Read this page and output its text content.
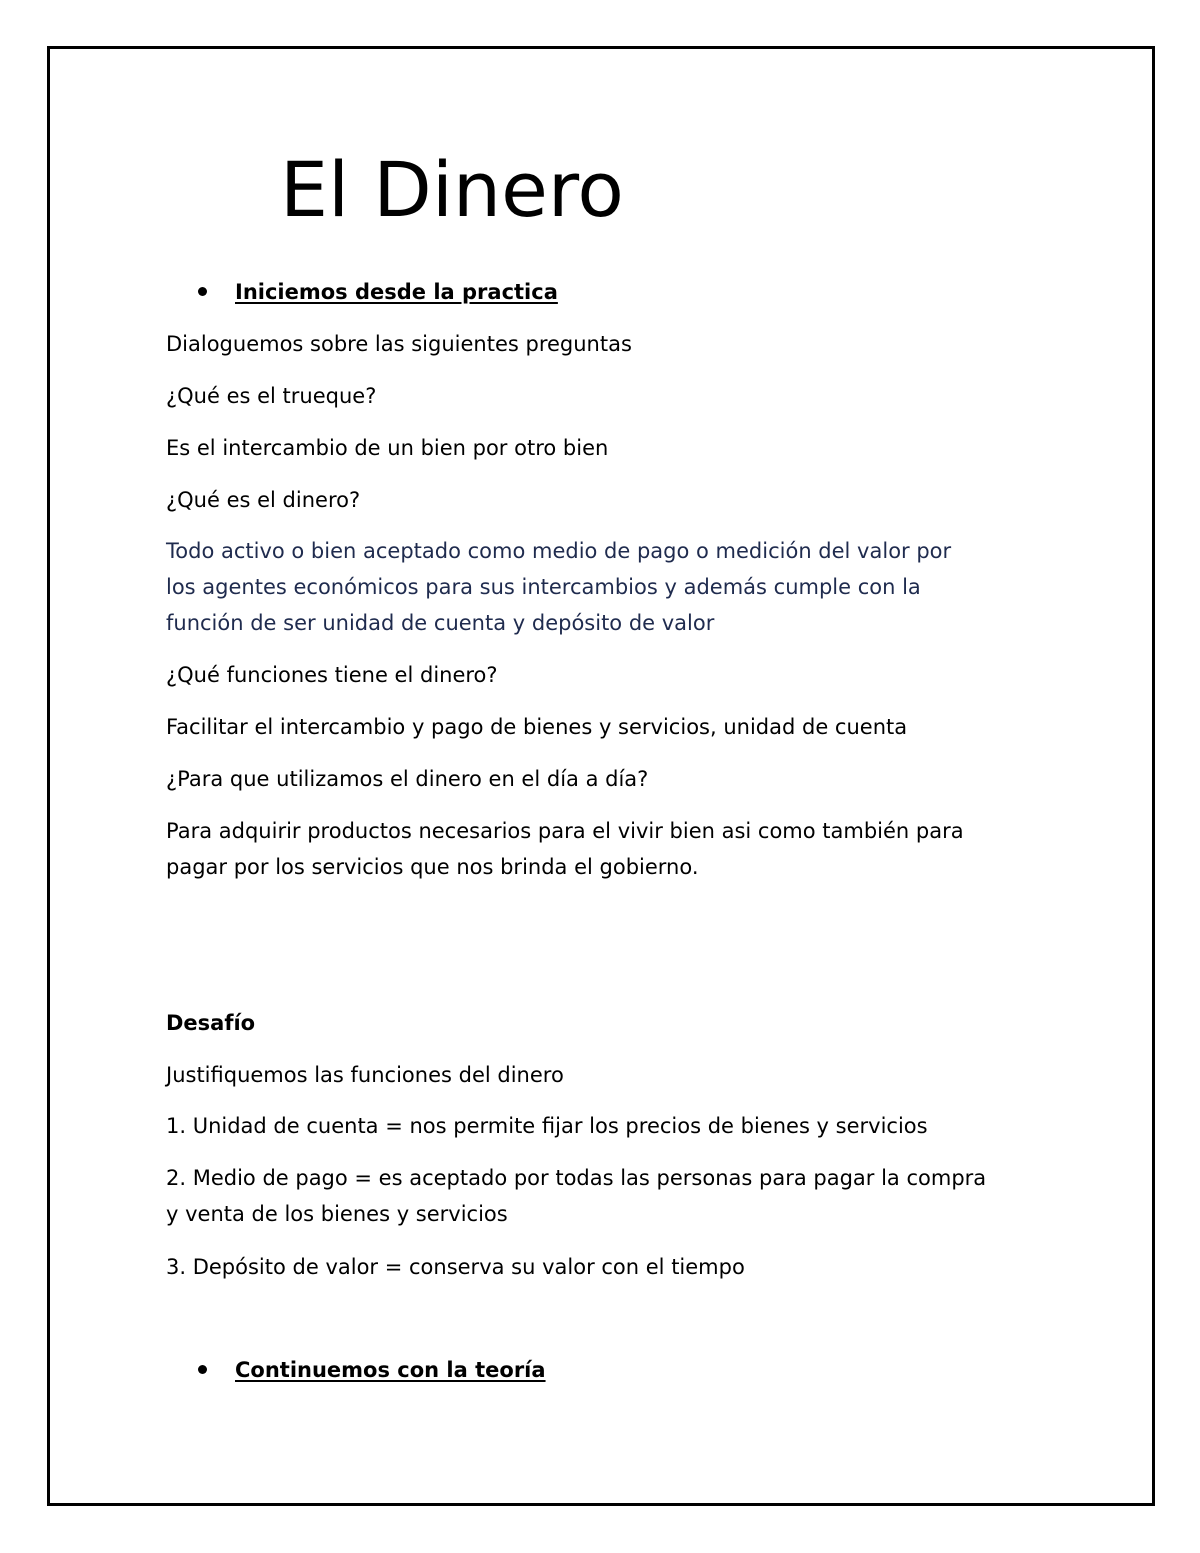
El Dinero
Iniciemos desde la practica

Dialoguemos sobre las siguientes preguntas

¿Qué es el trueque?

Es el intercambio de un bien por otro bien

¿Qué es el dinero?

Todo activo o bien aceptado como medio de pago o medición del valor por

los agentes económicos para sus intercambios y además cumple con la

función de ser unidad de cuenta y depósito de valor

¿Qué funciones tiene el dinero?

Facilitar el intercambio y pago de bienes y servicios, unidad de cuenta

¿Para que utilizamos el dinero en el día a día?

Para adquirir productos necesarios para el vivir bien asi como también para

pagar por los servicios que nos brinda el gobierno.

Desafío

Justifiquemos las funciones del dinero

1. Unidad de cuenta = nos permite fijar los precios de bienes y servicios

2. Medio de pago = es aceptado por todas las personas para pagar la compra

y venta de los bienes y servicios

3. Depósito de valor = conserva su valor con el tiempo

Continuemos con la teoría
